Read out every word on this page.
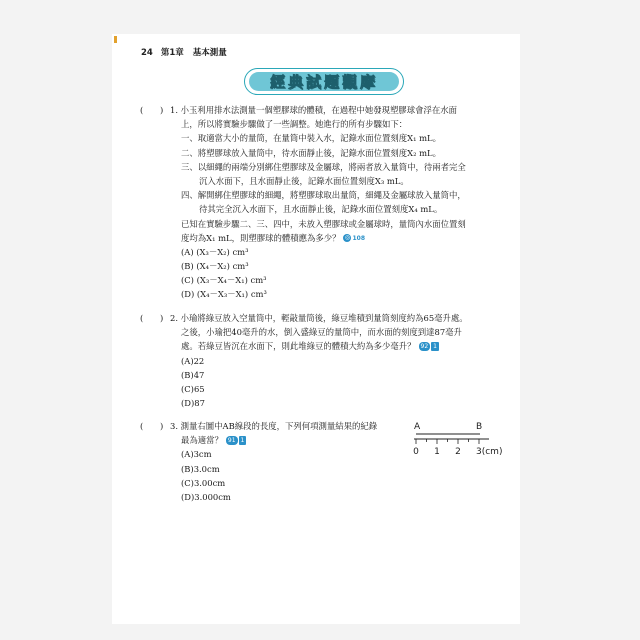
24 第1章 基本測量
經典試題觀摩
(　　) 1. 小玉利用排水法測量一個塑膠球的體積，在過程中她發現塑膠球會浮在水面
上，所以將實驗步驟做了一些調整。她進行的所有步驟如下：
一、取適當大小的量筒，在量筒中裝入水，記錄水面位置刻度X₁ mL。
二、將塑膠球放入量筒中，待水面靜止後，記錄水面位置刻度X₂ mL。
三、以細繩的兩端分別綁住塑膠球及金屬球，將兩者放入量筒中，待兩者完全
沉入水面下，且水面靜止後，記錄水面位置刻度X₃ mL。
四、解開綁住塑膠球的細繩，將塑膠球取出量筒，細繩及金屬球放入量筒中，
待其完全沉入水面下，且水面靜止後，記錄水面位置刻度X₄ mL。
已知在實驗步驟二、三、四中，未放入塑膠球或金屬球時，量筒內水面位置刻
度均為X₁ mL，則塑膠球的體積應為多少？ ◎ 108
(A) (X₃－X₂) cm³
(B) (X₄－X₂) cm³
(C) (X₃－X₄－X₁) cm³
(D) (X₄－X₃－X₁) cm³
(　　) 2. 小瑜將綠豆放入空量筒中，輕敲量筒後，綠豆堆積到量筒刻度約為65毫升處。
之後，小瑜把40毫升的水，倒入盛綠豆的量筒中，而水面的刻度到達87毫升
處。若綠豆皆沉在水面下，則此堆綠豆的體積大約為多少毫升？ 92 1
(A)22
(B)47
(C)65
(D)87
(　　) 3. 測量右圖中AB線段的長度，下列何項測量結果的紀錄
最為適當？ 91 1
(A)3cm
(B)3.0cm
(C)3.00cm
(D)3.000cm
A	B
0 1 2 3(cm)
